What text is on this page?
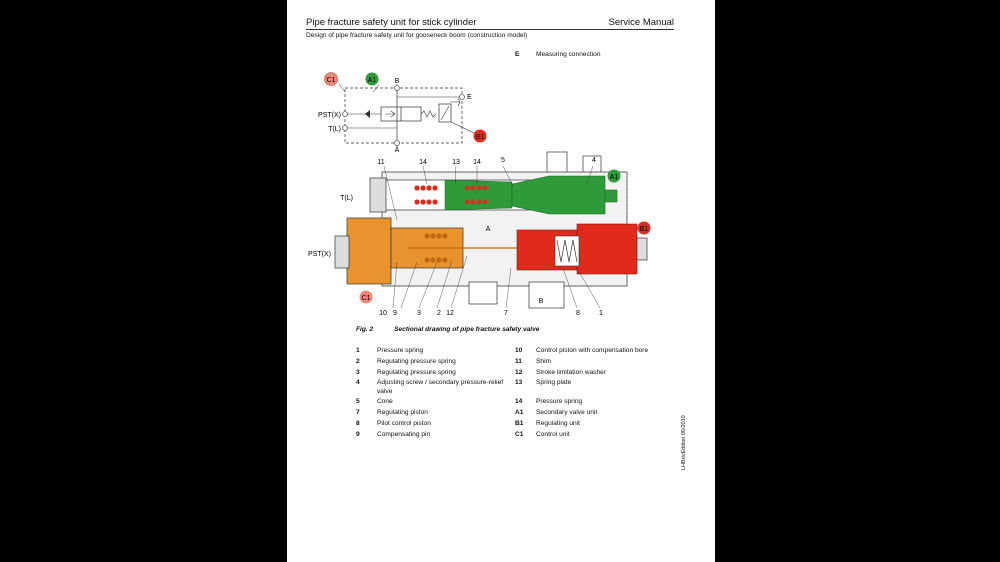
Pipe fracture safety unit for stick cylinder	Service Manual
Design of pipe fracture safety unit for gooseneck boom (construction model)
E	Measuring connection
C1	A1
B1
B
A
E
PST(X)
T(L)
T(L)
PST(X)
A1
B1
C1
A
B
11	14	13 14	5	4
10 9	3 2 12	7	8	1
Fig. 2	Sectional drawing of pipe fracture safety valve
1	Pressure spring
2	Regulating pressure spring
3	Regulating pressure spring
4	Adjusting screw / secondary pressure-relief valve
5	Cone
7	Regulating piston
8	Pilot control piston
9	Compensating pin
10	Control piston with compensation bore
11	Shim
12	Stroke limitation washer
13	Spring plate
14	Pressure spring
A1	Secondary valve unit
B1	Regulating unit
C1	Control unit	LHBrivEdition 06/2010
